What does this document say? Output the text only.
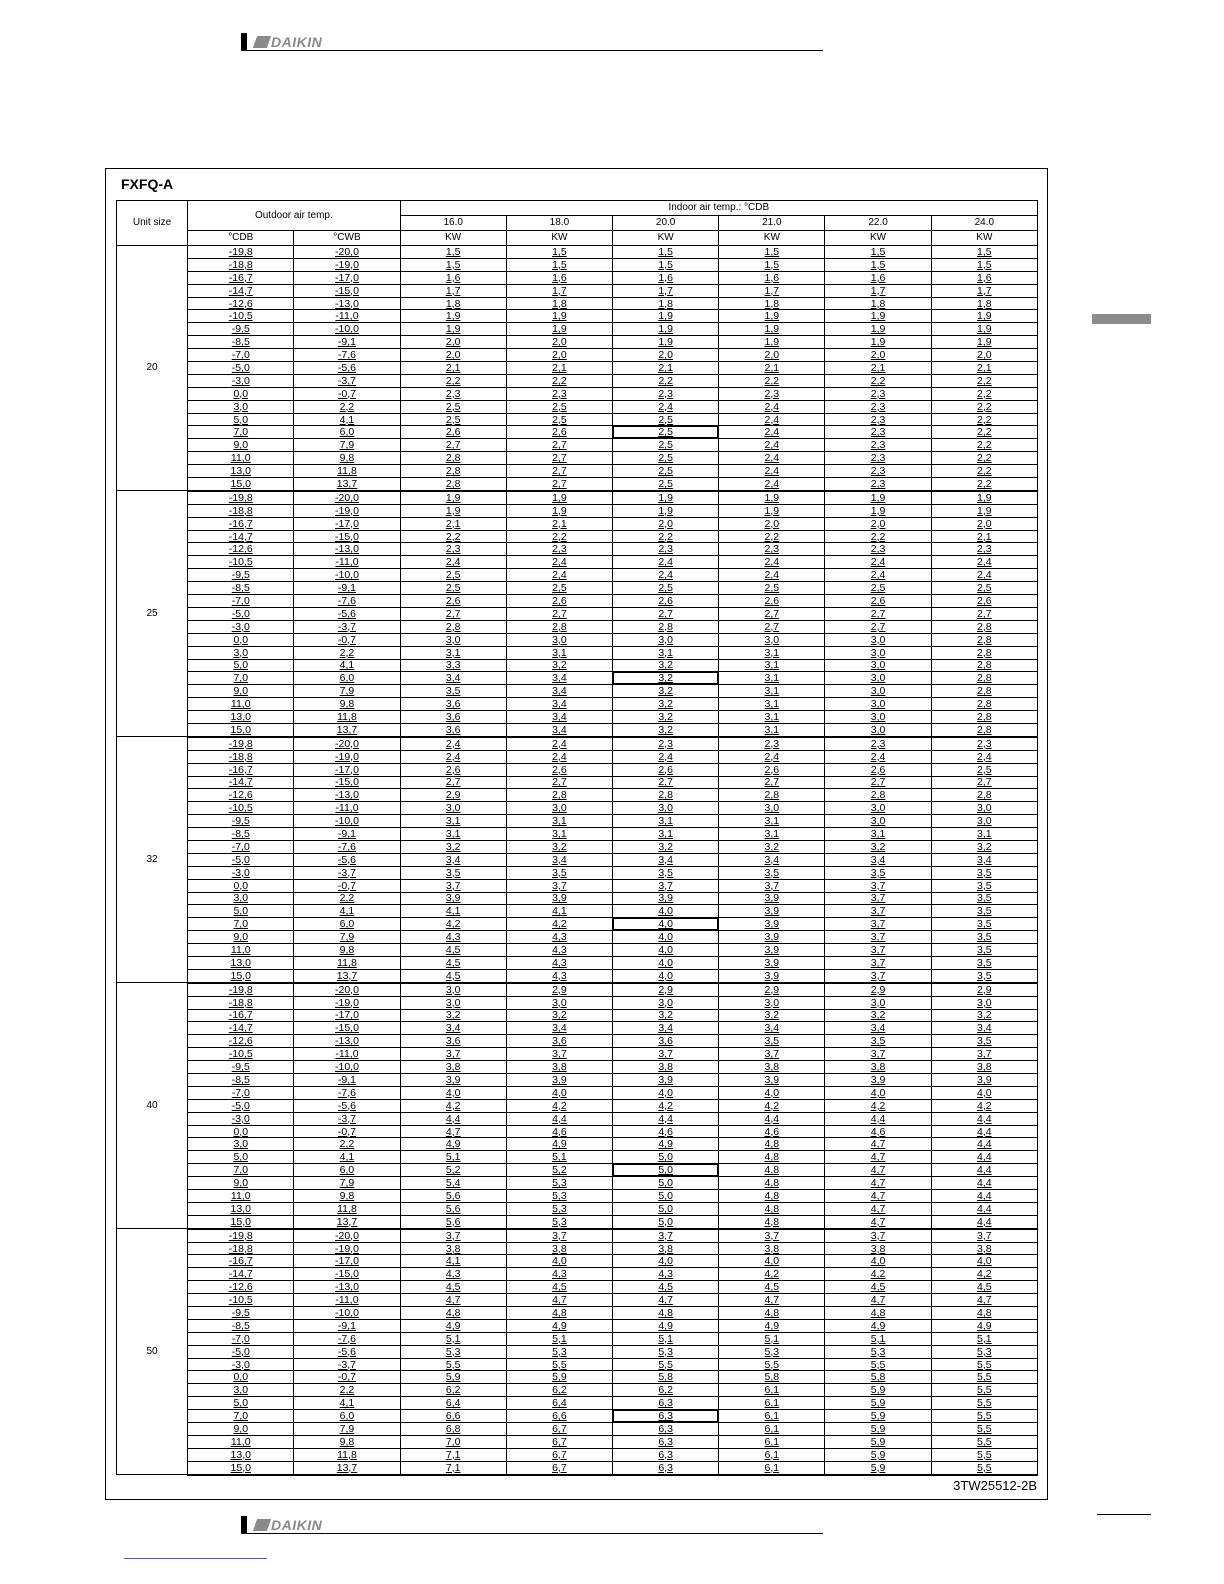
DAIKIN
FXFQ-A
Unit size	Outdoor air temp.		Indoor air temp.: °CDB					
			16.0	18.0	20.0	21.0	22.0	24.0
	°CDB	°CWB	KW	KW	KW	KW	KW	KW
20	-19,8	-20,0	1,5	1,5	1,5	1,5	1,5	1,5
	-18,8	-19,0	1,5	1,5	1,5	1,5	1,5	1,5
	-16,7	-17,0	1,6	1,6	1,6	1,6	1,6	1,6
	-14,7	-15,0	1,7	1,7	1,7	1,7	1,7	1,7
	-12,6	-13,0	1,8	1,8	1,8	1,8	1,8	1,8
	-10,5	-11,0	1,9	1,9	1,9	1,9	1,9	1,9
	-9,5	-10,0	1,9	1,9	1,9	1,9	1,9	1,9
	-8,5	-9,1	2,0	2,0	1,9	1,9	1,9	1,9
	-7,0	-7,6	2,0	2,0	2,0	2,0	2,0	2,0
	-5,0	-5,6	2,1	2,1	2,1	2,1	2,1	2,1
	-3,0	-3,7	2,2	2,2	2,2	2,2	2,2	2,2
	0,0	-0,7	2,3	2,3	2,3	2,3	2,3	2,2
	3,0	2,2	2,5	2,5	2,4	2,4	2,3	2,2
	5,0	4,1	2,5	2,5	2,5	2,4	2,3	2,2
	7,0	6,0	2,6	2,6	2,5	2,4	2,3	2,2
	9,0	7,9	2,7	2,7	2,5	2,4	2,3	2,2
	11,0	9,8	2,8	2,7	2,5	2,4	2,3	2,2
	13,0	11,8	2,8	2,7	2,5	2,4	2,3	2,2
	15,0	13,7	2,8	2,7	2,5	2,4	2,3	2,2
25	-19,8	-20,0	1,9	1,9	1,9	1,9	1,9	1,9
	-18,8	-19,0	1,9	1,9	1,9	1,9	1,9	1,9
	-16,7	-17,0	2,1	2,1	2,0	2,0	2,0	2,0
	-14,7	-15,0	2,2	2,2	2,2	2,2	2,2	2,1
	-12,6	-13,0	2,3	2,3	2,3	2,3	2,3	2,3
	-10,5	-11,0	2,4	2,4	2,4	2,4	2,4	2,4
	-9,5	-10,0	2,5	2,4	2,4	2,4	2,4	2,4
	-8,5	-9,1	2,5	2,5	2,5	2,5	2,5	2,5
	-7,0	-7,6	2,6	2,6	2,6	2,6	2,6	2,6
	-5,0	-5,6	2,7	2,7	2,7	2,7	2,7	2,7
	-3,0	-3,7	2,8	2,8	2,8	2,7	2,7	2,8
	0,0	-0,7	3,0	3,0	3,0	3,0	3,0	2,8
	3,0	2,2	3,1	3,1	3,1	3,1	3,0	2,8
	5,0	4,1	3,3	3,2	3,2	3,1	3,0	2,8
	7,0	6,0	3,4	3,4	3,2	3,1	3,0	2,8
	9,0	7,9	3,5	3,4	3,2	3,1	3,0	2,8
	11,0	9,8	3,6	3,4	3,2	3,1	3,0	2,8
	13,0	11,8	3,6	3,4	3,2	3,1	3,0	2,8
	15,0	13,7	3,6	3,4	3,2	3,1	3,0	2,8
32	-19,8	-20,0	2,4	2,4	2,3	2,3	2,3	2,3
	-18,8	-19,0	2,4	2,4	2,4	2,4	2,4	2,4
	-16,7	-17,0	2,6	2,6	2,6	2,6	2,6	2,5
	-14,7	-15,0	2,7	2,7	2,7	2,7	2,7	2,7
	-12,6	-13,0	2,9	2,8	2,8	2,8	2,8	2,8
	-10,5	-11,0	3,0	3,0	3,0	3,0	3,0	3,0
	-9,5	-10,0	3,1	3,1	3,1	3,1	3,0	3,0
	-8,5	-9,1	3,1	3,1	3,1	3,1	3,1	3,1
	-7,0	-7,6	3,2	3,2	3,2	3,2	3,2	3,2
	-5,0	-5,6	3,4	3,4	3,4	3,4	3,4	3,4
	-3,0	-3,7	3,5	3,5	3,5	3,5	3,5	3,5
	0,0	-0,7	3,7	3,7	3,7	3,7	3,7	3,5
	3,0	2,2	3,9	3,9	3,9	3,9	3,7	3,5
	5,0	4,1	4,1	4,1	4,0	3,9	3,7	3,5
	7,0	6,0	4,2	4,2	4,0	3,9	3,7	3,5
	9,0	7,9	4,3	4,3	4,0	3,9	3,7	3,5
	11,0	9,8	4,5	4,3	4,0	3,9	3,7	3,5
	13,0	11,8	4,5	4,3	4,0	3,9	3,7	3,5
	15,0	13,7	4,5	4,3	4,0	3,9	3,7	3,5
40	-19,8	-20,0	3,0	2,9	2,9	2,9	2,9	2,9
	-18,8	-19,0	3,0	3,0	3,0	3,0	3,0	3,0
	-16,7	-17,0	3,2	3,2	3,2	3,2	3,2	3,2
	-14,7	-15,0	3,4	3,4	3,4	3,4	3,4	3,4
	-12,6	-13,0	3,6	3,6	3,6	3,5	3,5	3,5
	-10,5	-11,0	3,7	3,7	3,7	3,7	3,7	3,7
	-9,5	-10,0	3,8	3,8	3,8	3,8	3,8	3,8
	-8,5	-9,1	3,9	3,9	3,9	3,9	3,9	3,9
	-7,0	-7,6	4,0	4,0	4,0	4,0	4,0	4,0
	-5,0	-5,6	4,2	4,2	4,2	4,2	4,2	4,2
	-3,0	-3,7	4,4	4,4	4,4	4,4	4,4	4,4
	0,0	-0,7	4,7	4,6	4,6	4,6	4,6	4,4
	3,0	2,2	4,9	4,9	4,9	4,8	4,7	4,4
	5,0	4,1	5,1	5,1	5,0	4,8	4,7	4,4
	7,0	6,0	5,2	5,2	5,0	4,8	4,7	4,4
	9,0	7,9	5,4	5,3	5,0	4,8	4,7	4,4
	11,0	9,8	5,6	5,3	5,0	4,8	4,7	4,4
	13,0	11,8	5,6	5,3	5,0	4,8	4,7	4,4
	15,0	13,7	5,6	5,3	5,0	4,8	4,7	4,4
50	-19,8	-20,0	3,7	3,7	3,7	3,7	3,7	3,7
	-18,8	-19,0	3,8	3,8	3,8	3,8	3,8	3,8
	-16,7	-17,0	4,1	4,0	4,0	4,0	4,0	4,0
	-14,7	-15,0	4,3	4,3	4,3	4,2	4,2	4,2
	-12,6	-13,0	4,5	4,5	4,5	4,5	4,5	4,5
	-10,5	-11,0	4,7	4,7	4,7	4,7	4,7	4,7
	-9,5	-10,0	4,8	4,8	4,8	4,8	4,8	4,8
	-8,5	-9,1	4,9	4,9	4,9	4,9	4,9	4,9
	-7,0	-7,6	5,1	5,1	5,1	5,1	5,1	5,1
	-5,0	-5,6	5,3	5,3	5,3	5,3	5,3	5,3
	-3,0	-3,7	5,5	5,5	5,5	5,5	5,5	5,5
	0,0	-0,7	5,9	5,9	5,8	5,8	5,8	5,5
	3,0	2,2	6,2	6,2	6,2	6,1	5,9	5,5
	5,0	4,1	6,4	6,4	6,3	6,1	5,9	5,5
	7,0	6,0	6,6	6,6	6,3	6,1	5,9	5,5
	9,0	7,9	6,8	6,7	6,3	6,1	5,9	5,5
	11,0	9,8	7,0	6,7	6,3	6,1	5,9	5,5
	13,0	11,8	7,1	6,7	6,3	6,1	5,9	5,5
	15,0	13,7	7,1	6,7	6,3	6,1	5,9	5,5
3TW25512-2B
DAIKIN
